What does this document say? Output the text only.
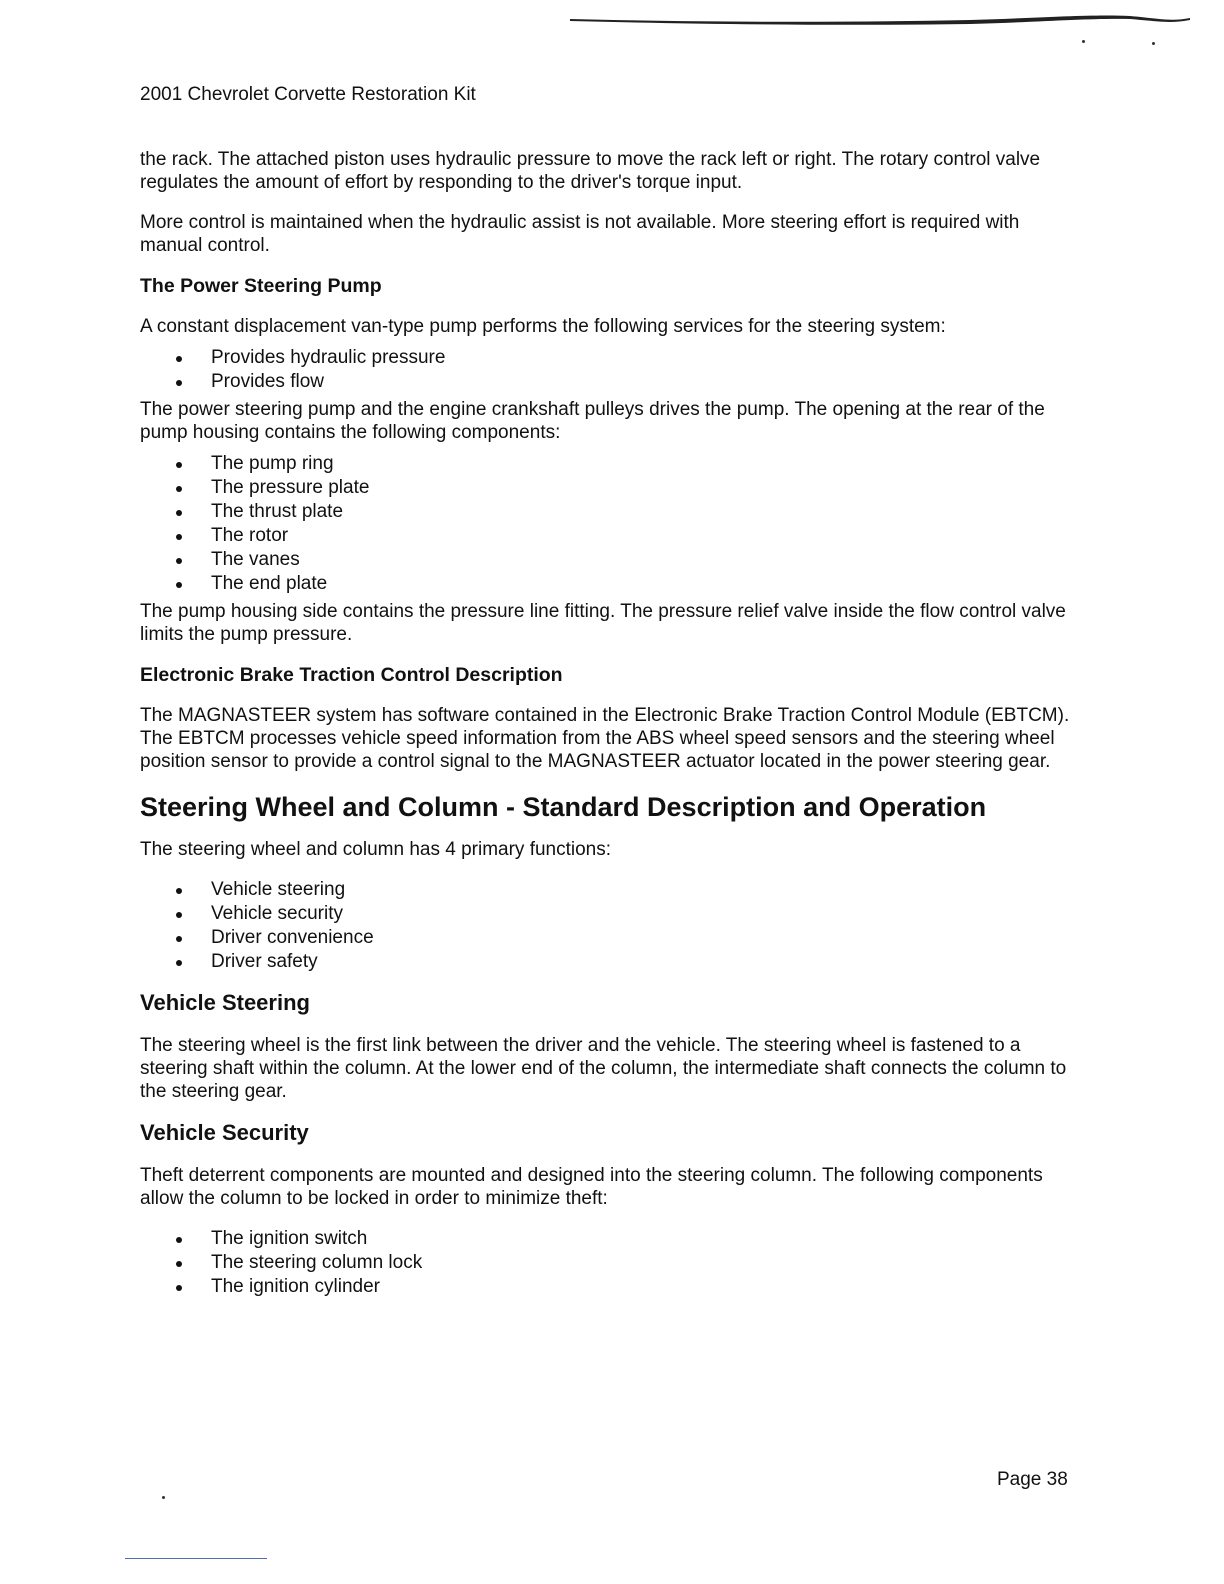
2001 Chevrolet Corvette Restoration Kit

the rack. The attached piston uses hydraulic pressure to move the rack left or right. The rotary control valve regulates the amount of effort by responding to the driver's torque input.

More control is maintained when the hydraulic assist is not available. More steering effort is required with manual control.

The Power Steering Pump

A constant displacement van-type pump performs the following services for the steering system:

Provides hydraulic pressure
Provides flow

The power steering pump and the engine crankshaft pulleys drives the pump. The opening at the rear of the pump housing contains the following components:

The pump ring
The pressure plate
The thrust plate
The rotor
The vanes
The end plate

The pump housing side contains the pressure line fitting. The pressure relief valve inside the flow control valve limits the pump pressure.

Electronic Brake Traction Control Description

The MAGNASTEER system has software contained in the Electronic Brake Traction Control Module (EBTCM). The EBTCM processes vehicle speed information from the ABS wheel speed sensors and the steering wheel position sensor to provide a control signal to the MAGNASTEER actuator located in the power steering gear.

Steering Wheel and Column - Standard Description and Operation

The steering wheel and column has 4 primary functions:

Vehicle steering
Vehicle security
Driver convenience
Driver safety
Vehicle Steering

The steering wheel is the first link between the driver and the vehicle. The steering wheel is fastened to a steering shaft within the column. At the lower end of the column, the intermediate shaft connects the column to the steering gear.

Vehicle Security

Theft deterrent components are mounted and designed into the steering column. The following components allow the column to be locked in order to minimize theft:

The ignition switch
The steering column lock
The ignition cylinder
Page 38
